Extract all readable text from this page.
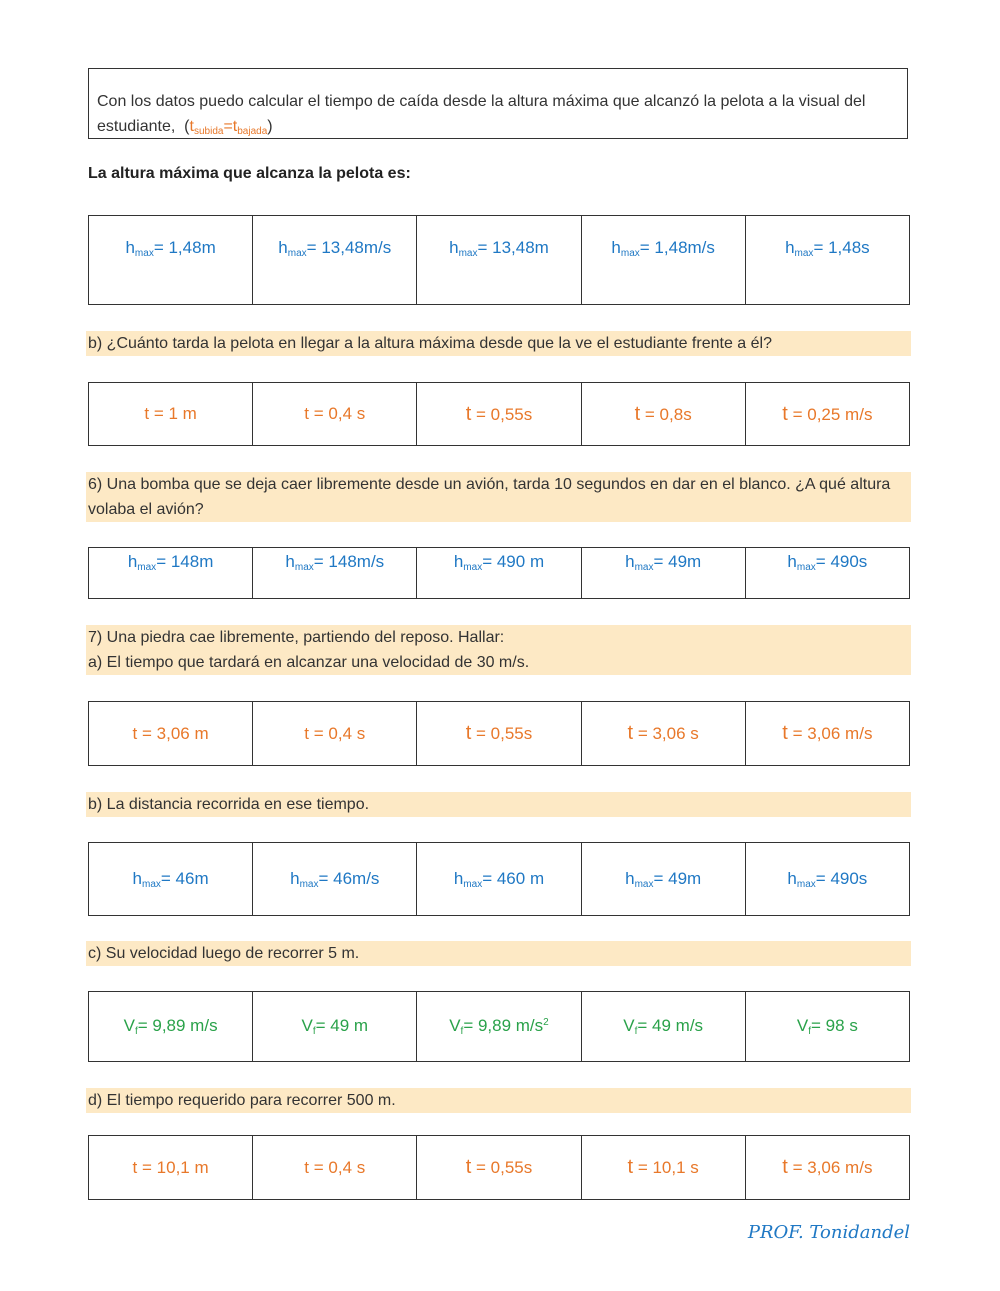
Con los datos puedo calcular el tiempo de caída desde la altura máxima que alcanzó la pelota a la visual del estudiante,  $(t_{subida}=t_{bajada})$
La altura máxima que alcanza la pelota es:
$h_{max}= 1,48m$	$h_{max}= 13,48m/s$	$h_{max}= 13,48m$	$h_{max}= 1,48m/s$	$h_{max}= 1,48s$
b) ¿Cuánto tarda la pelota en llegar a la altura máxima desde que la ve el estudiante frente a él?
t = 1 m	t = 0,4 s	t = 0,55s	t = 0,8s	t = 0,25 m/s
6) Una bomba que se deja caer libremente desde un avión, tarda 10 segundos en dar en el blanco. ¿A qué altura volaba el avión?
$h_{max}= 148m$	$h_{max}= 148m/s$	$h_{max}= 490$ m	$h_{max}= 49m$	$h_{max}= 490s$
7) Una piedra cae libremente, partiendo del reposo. Hallar:
a) El tiempo que tardará en alcanzar una velocidad de 30 m/s.
t = 3,06 m	t = 0,4 s	t = 0,55s	t = 3,06 s	t = 3,06 m/s
b) La distancia recorrida en ese tiempo.
$h_{max}= 46m$	$h_{max}= 46m/s$	$h_{max}= 460$ m	$h_{max}= 49m$	$h_{max}= 490s$
c) Su velocidad luego de recorrer 5 m.
$V_f= 9,89$ m/s	$V_f= 49$ m	$V_f= 9,89$ $m/s^2$	$V_f= 49$ m/s	$V_f= 98$ s
d) El tiempo requerido para recorrer 500 m.
t = 10,1 m	t = 0,4 s	t = 0,55s	t = 10,1 s	t = 3,06 m/s
PROF. Tonidandel
